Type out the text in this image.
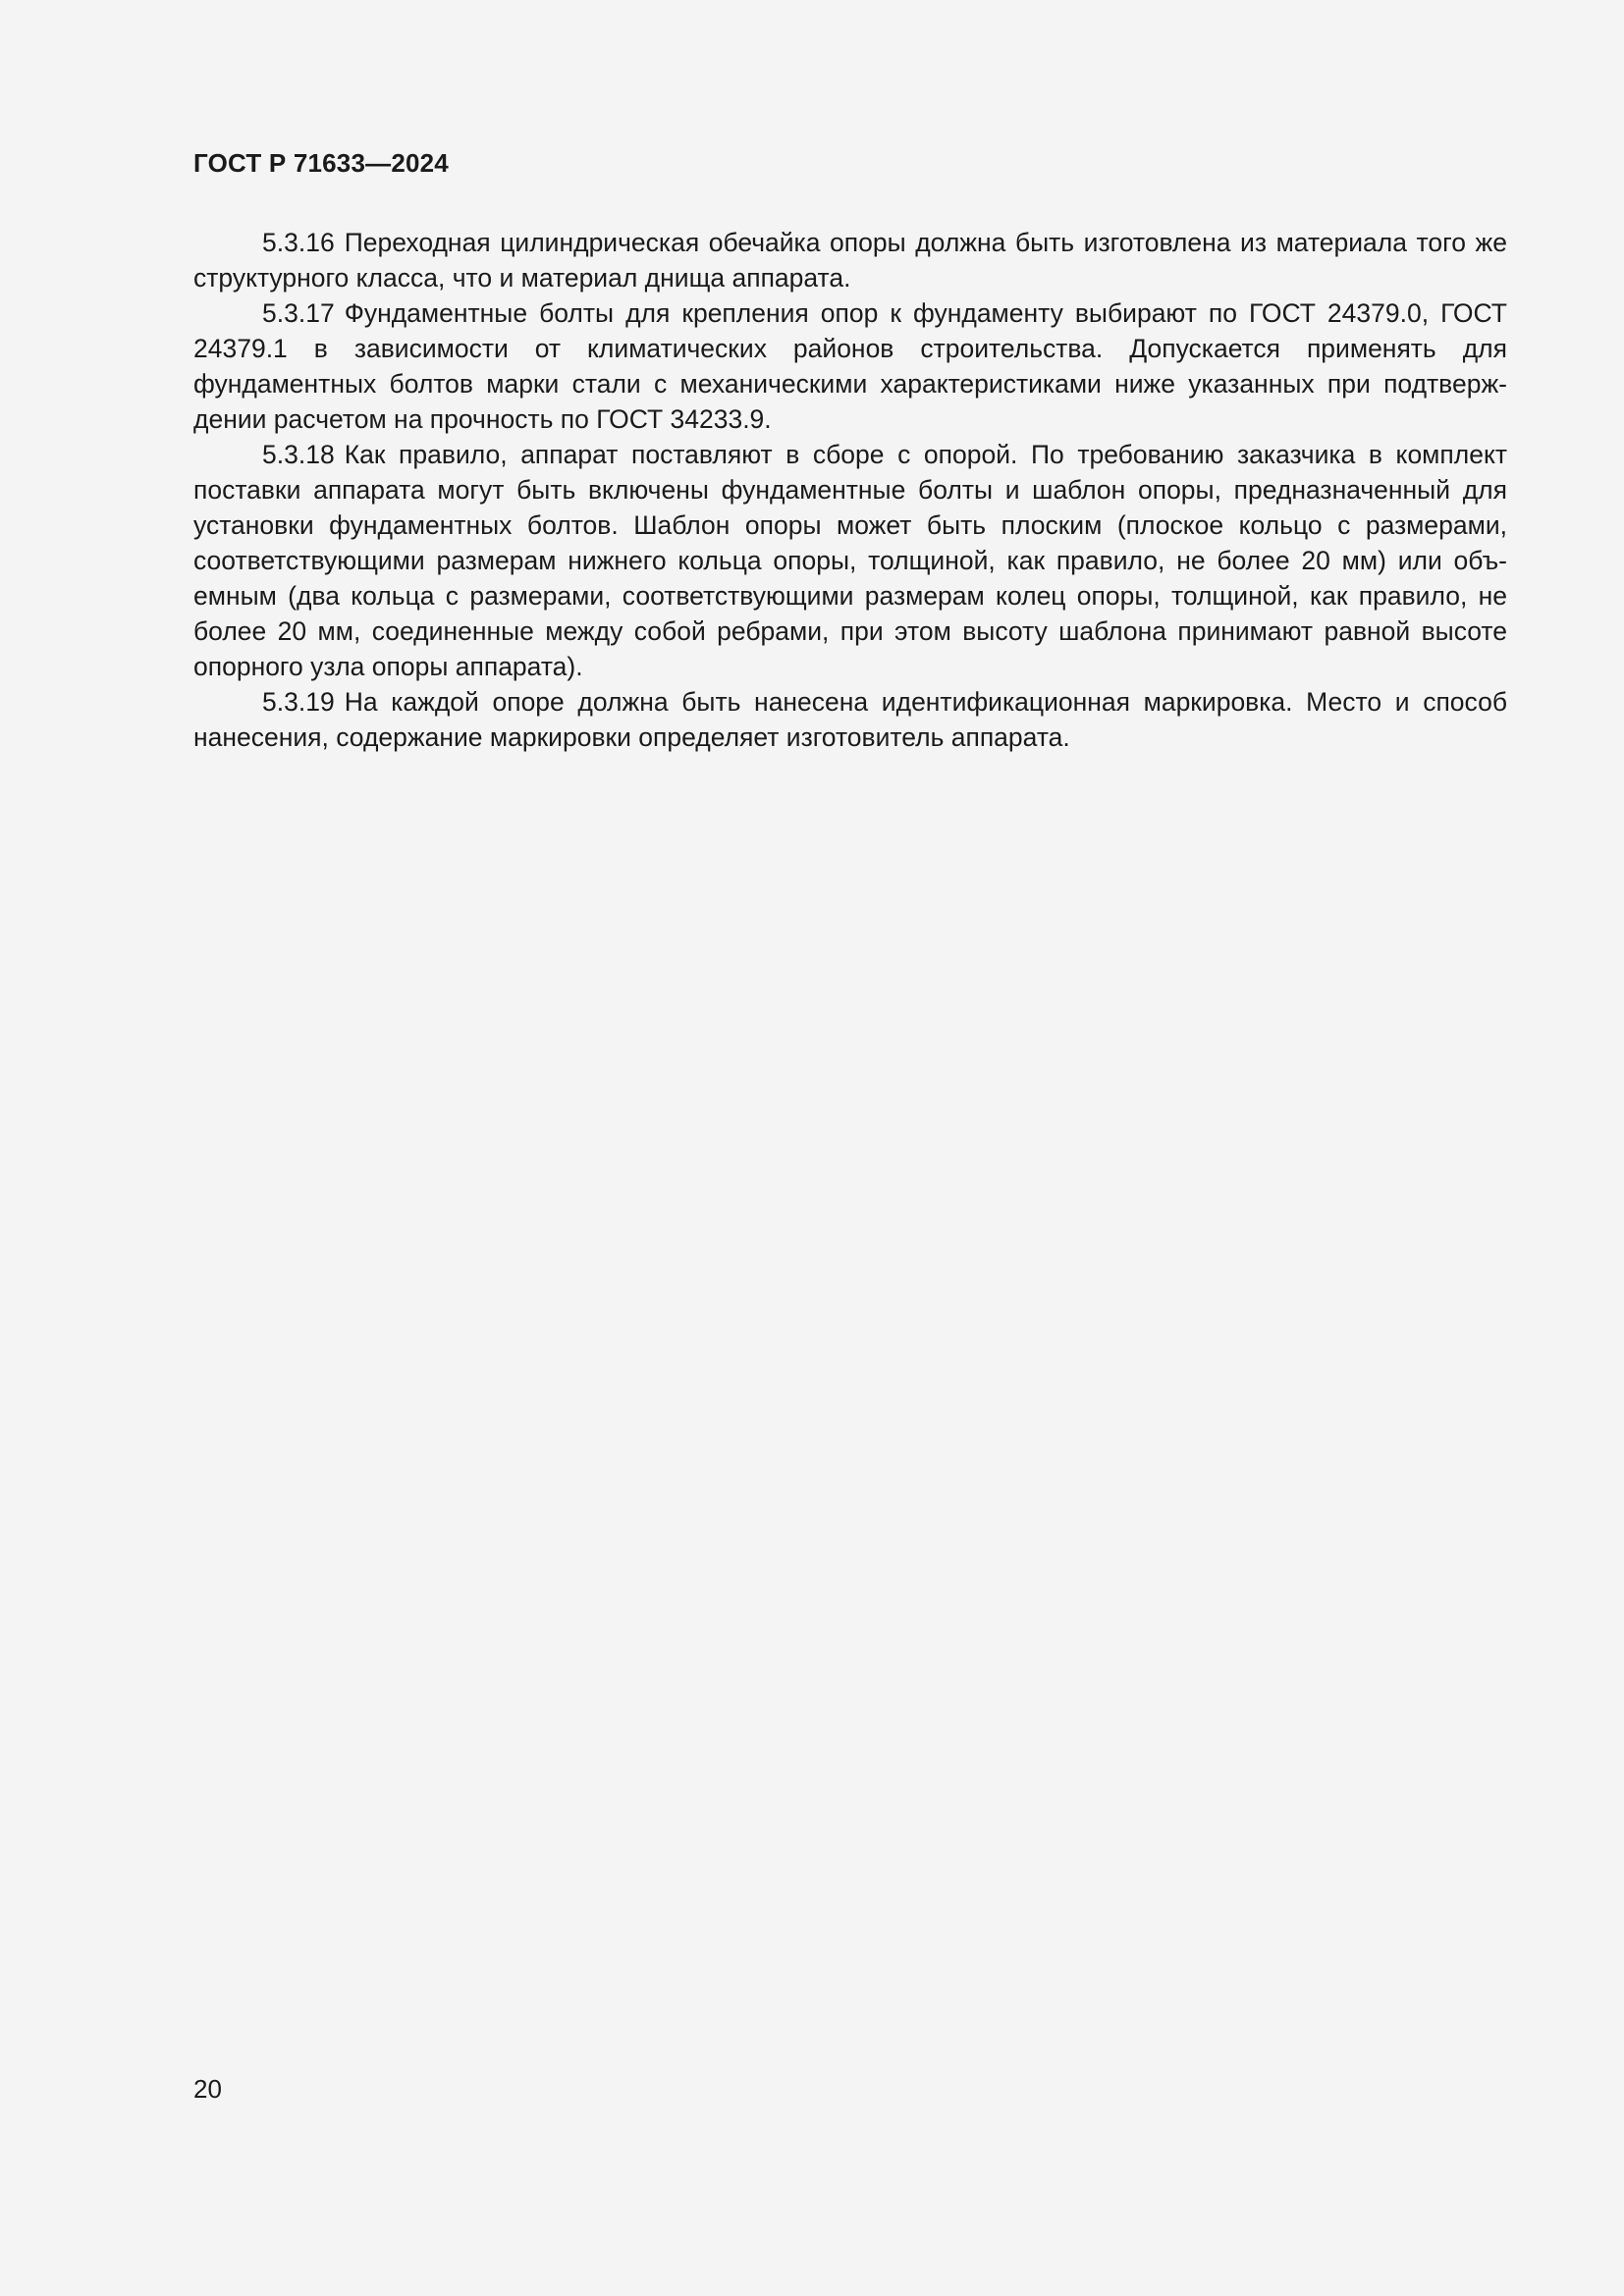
ГОСТ Р 71633—2024

5.3.16 Переходная цилиндрическая обечайка опоры должна быть изготовлена из материала того же структурного класса, что и материал днища аппарата.

5.3.17 Фундаментные болты для крепления опор к фундаменту выбирают по ГОСТ 24379.0, ГОСТ 24379.1 в зависимости от климатических районов строительства. Допускается применять для фундаментных болтов марки стали с механическими характеристиками ниже указанных при подтверждении расчетом на прочность по ГОСТ 34233.9.

5.3.18 Как правило, аппарат поставляют в сборе с опорой. По требованию заказчика в комплект поставки аппарата могут быть включены фундаментные болты и шаблон опоры, предназначенный для установки фундаментных болтов. Шаблон опоры может быть плоским (плоское кольцо с размерами, соответствующими размерам нижнего кольца опоры, толщиной, как правило, не более 20 мм) или объемным (два кольца с размерами, соответствующими размерам колец опоры, толщиной, как правило, не более 20 мм, соединенные между собой ребрами, при этом высоту шаблона принимают равной высоте опорного узла опоры аппарата).

5.3.19 На каждой опоре должна быть нанесена идентификационная маркировка. Место и способ нанесения, содержание маркировки определяет изготовитель аппарата.

20
